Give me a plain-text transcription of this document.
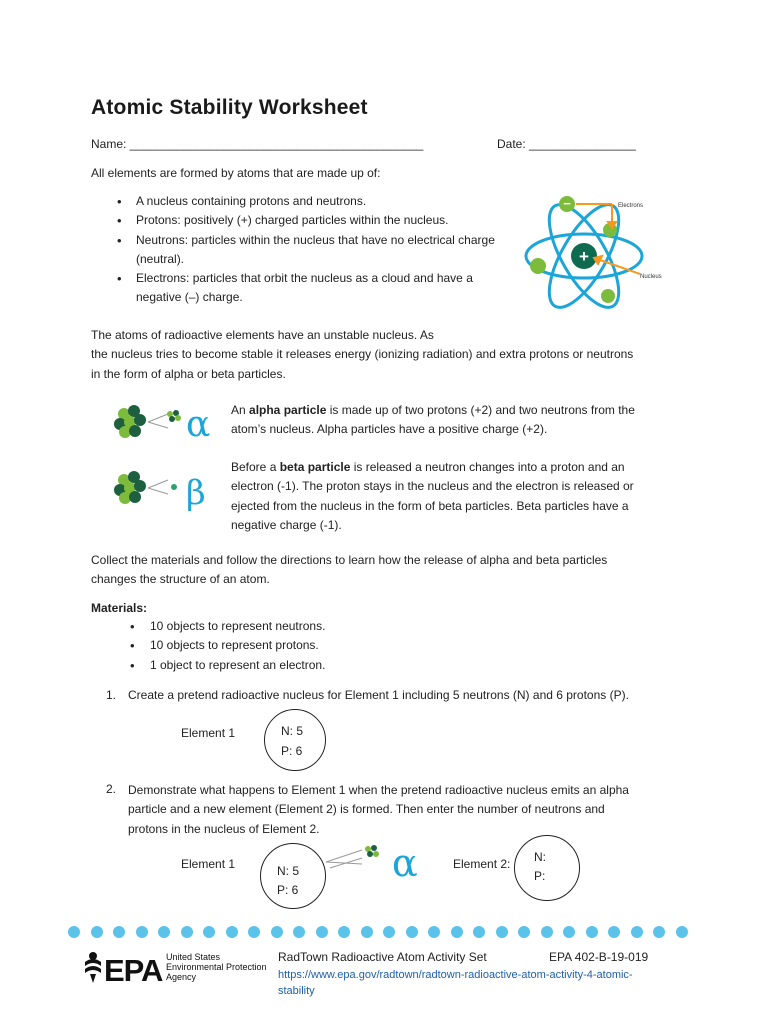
Atomic Stability Worksheet
Name: ____________________________________________	Date: ________________
All elements are formed by atoms that are made up of:
• A nucleus containing protons and neutrons.
• Protons: positively (+) charged particles within the nucleus.
• Neutrons: particles within the nucleus that have no electrical charge (neutral).
• Electrons: particles that orbit the nucleus as a cloud and have a negative (–) charge.
+
−	Electrons
Nucleus
The atoms of radioactive elements have an unstable nucleus. As
the nucleus tries to become stable it releases energy (ionizing radiation) and extra protons or neutrons
in the form of alpha or beta particles.
α An alpha particle is made up of two protons (+2) and two neutrons from the
atom’s nucleus. Alpha particles have a positive charge (+2).
β
Before a beta particle is released a neutron changes into a proton and an
electron (-1). The proton stays in the nucleus and the electron is released or
ejected from the nucleus in the form of beta particles. Beta particles have a
negative charge (-1).
Collect the materials and follow the directions to learn how the release of alpha and beta particles
changes the structure of an atom.
Materials:
• 10 objects to represent neutrons.
• 10 objects to represent protons.
• 1 object to represent an electron.
1. Create a pretend radioactive nucleus for Element 1 including 5 neutrons (N) and 6 protons (P).
Element 1	N: 5
P: 6
2. Demonstrate what happens to Element 1 when the pretend radioactive nucleus emits an alpha
particle and a new element (Element 2) is formed. Then enter the number of neutrons and
protons in the nucleus of Element 2.
Element 1	N: 5
P: 6
α	Element 2: N:
P:
EPA United States
Environmental Protection
Agency
RadTown Radioactive Atom Activity Set	EPA 402-B-19-019
https://www.epa.gov/radtown/radtown-radioactive-atom-activity-4-atomic-
stability
